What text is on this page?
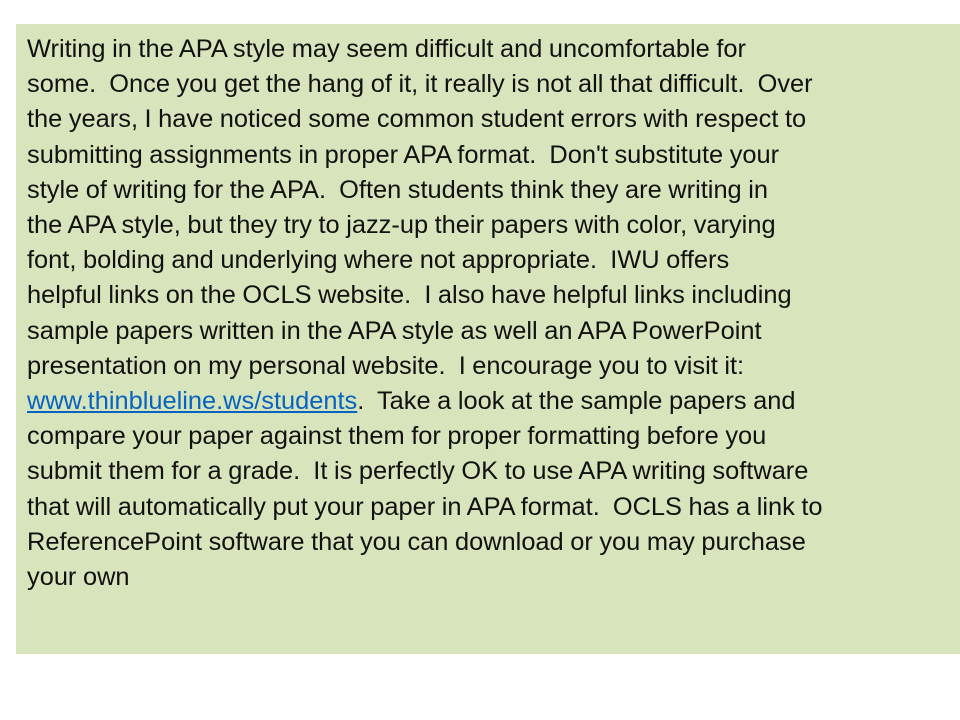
Writing in the APA style may seem difficult and uncomfortable for
some.  Once you get the hang of it, it really is not all that difficult.  Over
the years, I have noticed some common student errors with respect to
submitting assignments in proper APA format.  Don't substitute your
style of writing for the APA.  Often students think they are writing in
the APA style, but they try to jazz-up their papers with color, varying
font, bolding and underlying where not appropriate.  IWU offers
helpful links on the OCLS website.  I also have helpful links including
sample papers written in the APA style as well an APA PowerPoint
presentation on my personal website.  I encourage you to visit it:
www.thinblueline.ws/students.  Take a look at the sample papers and
compare your paper against them for proper formatting before you
submit them for a grade.  It is perfectly OK to use APA writing software
that will automatically put your paper in APA format.  OCLS has a link to
ReferencePoint software that you can download or you may purchase
your own
